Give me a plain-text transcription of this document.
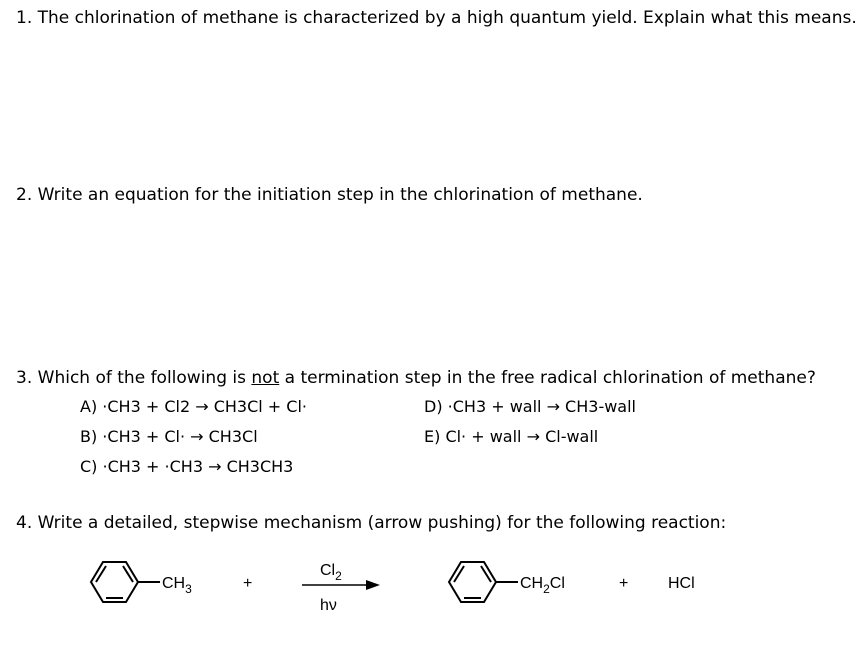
1. The chlorination of methane is characterized by a high quantum yield. Explain what this means.
2. Write an equation for the initiation step in the chlorination of methane.
3. Which of the following is not a termination step in the free radical chlorination of methane?
A) ·CH3 + Cl2 → CH3Cl + Cl·
B) ·CH3 + Cl· → CH3Cl
C) ·CH3 + ·CH3 → CH3CH3
D) ·CH3 + wall → CH3-wall
E) Cl· + wall → Cl-wall
4. Write a detailed, stepwise mechanism (arrow pushing) for the following reaction:
$CH_3$	+
$Cl_2$
hν
$CH_2Cl$	+ HCl
